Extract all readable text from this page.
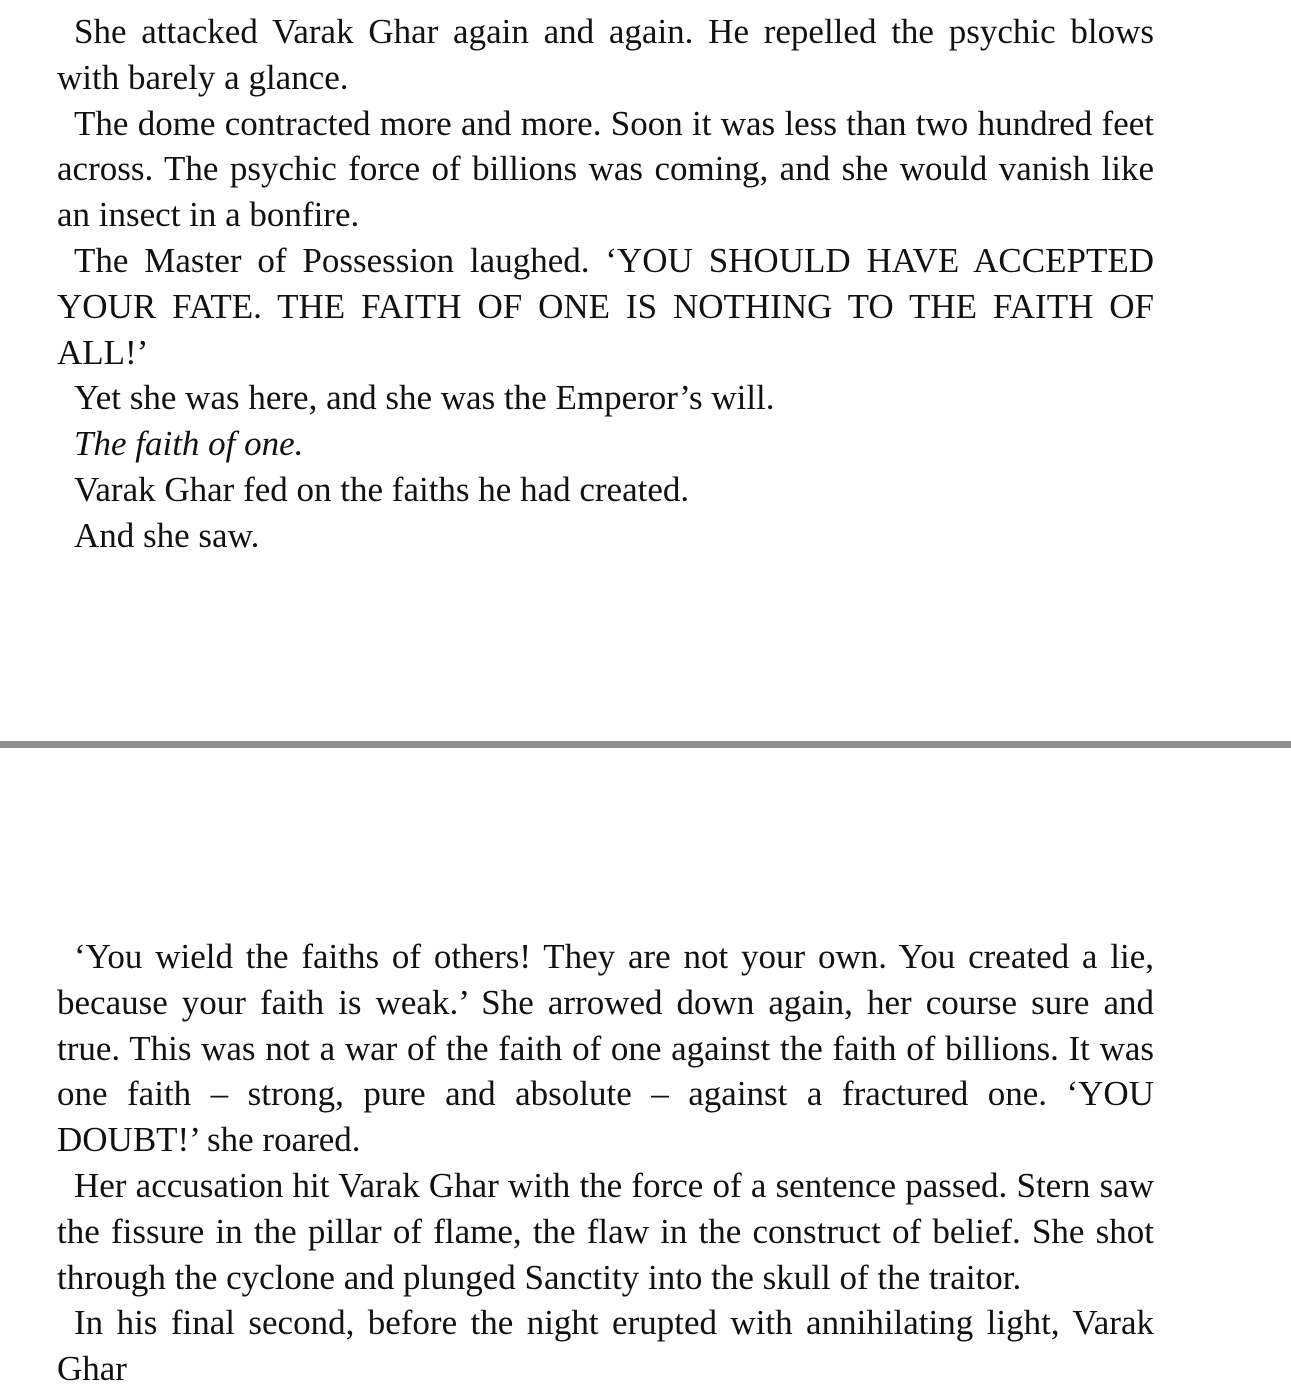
She attacked Varak Ghar again and again. He repelled the psychic blows with barely a glance.

The dome contracted more and more. Soon it was less than two hundred feet across. The psychic force of billions was coming, and she would vanish like an insect in a bonfire.

The Master of Possession laughed. ‘YOU SHOULD HAVE ACCEPTED YOUR FATE. THE FAITH OF ONE IS NOTHING TO THE FAITH OF ALL!’

Yet she was here, and she was the Emperor’s will.

The faith of one.

Varak Ghar fed on the faiths he had created.

And she saw.

‘You wield the faiths of others! They are not your own. You created a lie, because your faith is weak.’ She arrowed down again, her course sure and true. This was not a war of the faith of one against the faith of billions. It was one faith – strong, pure and absolute – against a fractured one. ‘YOU DOUBT!’ she roared.

Her accusation hit Varak Ghar with the force of a sentence passed. Stern saw the fissure in the pillar of flame, the flaw in the construct of belief. She shot through the cyclone and plunged Sanctity into the skull of the traitor.

In his final second, before the night erupted with annihilating light, Varak Ghar
